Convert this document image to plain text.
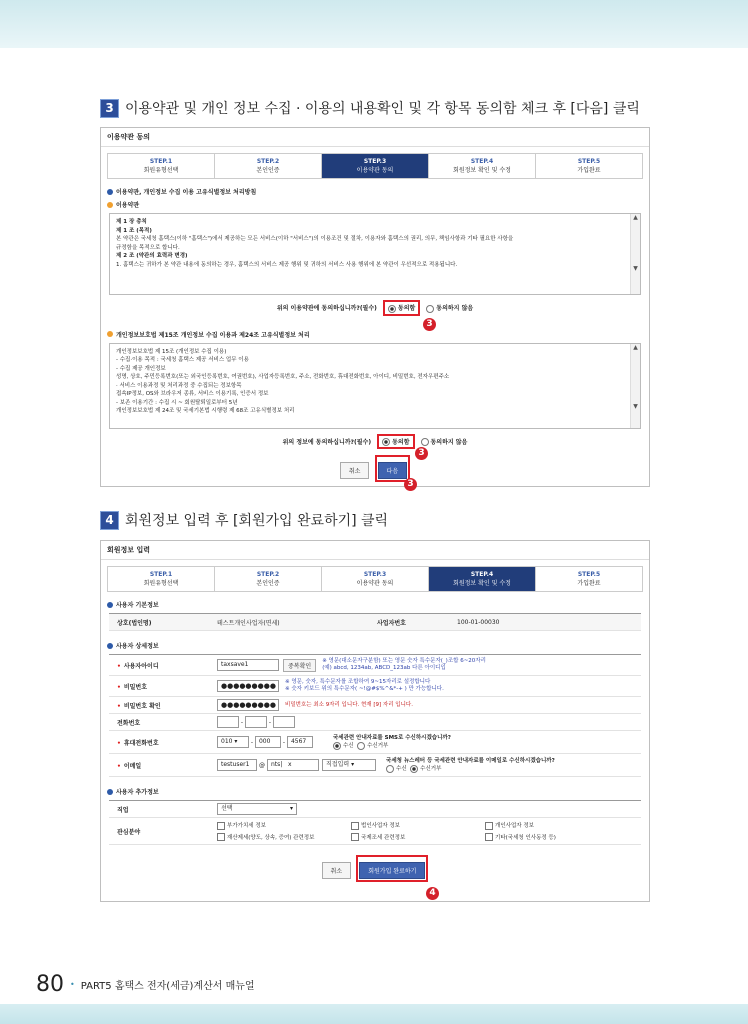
3 이용약관 및 개인 정보 수집 · 이용의 내용확인 및 각 항목 동의함 체크 후 [다음] 클릭
이용약관 동의
STEP.1
회원유형선택
STEP.2
본인인증
STEP.3
이용약관 동의
STEP.4
회원정보 확인 및 수정
STEP.5
가입완료
이용약관, 개인정보 수집 이용 고유식별정보 처리방침
이용약관
제 1 장 총칙
제 1 조 (목적)
본 약관은 국세청 홈택스(이하 "홈택스")에서 제공하는 모든 서비스(이하 "서비스")의 이용조건 및 절차, 이용자와 홈택스의 권리, 의무, 책임사항과 기타 필요한 사항을
규정함을 목적으로 합니다.
제 2 조 (약관의 효력과 변경)
1. 홈택스는 귀하가 본 약관 내용에 동의하는 경우, 홈택스의 서비스 제공 행위 및 귀하의 서비스 사용 행위에 본 약관이 우선적으로 적용됩니다.
▲

▼
위의 이용약관에 동의하십니까?(필수)	동의함	동의하지 않음
개인정보보호법 제15조 개인정보 수집 이용과 제24조 고유식별정보 처리
개인정보보호법 제 15조 (개인정보 수집 이용)
- 수집·이용 목적 : 국세청 홈택스 제공 서비스 업무 이용
- 수집 제공 개인정보
성명, 상호, 주민등록번호(또는 외국인등록번호, 여권번호), 사업자등록번호, 주소, 전화번호, 휴대전화번호, 아이디, 비밀번호, 전자우편주소
· 서비스 이용과정 및 처리과정 중 수집되는 정보항목
접속IP정보, OS와 브라우저 종류, 서비스 이용기록, 인증서 정보
- 보존 이용기간 : 수집 시 ~ 회원탈퇴일로부터 5년
개인정보보호법 제 24조 및 국세기본법 시행령 제 68조 고유식별정보 처리
▲

▼
위의 정보에 동의하십니까?(필수)	동의함	동의하지 않음
취소	다음
3
3
3
4 회원정보 입력 후 [회원가입 완료하기] 클릭
회원정보 입력
STEP.1
회원유형선택
STEP.2
본인인증
STEP.3
이용약관 동의
STEP.4
회원정보 확인 및 수정
STEP.5
가입완료
사용자 기본정보
상호(법인명)	테스트개인사업자(면세)	사업자번호	100-01-00030
사용자 상세정보
• 사용자아이디	taxsave1	중복확인
※ 영문(대소문자구분함) 또는 영문 숫자 특수문자(_)조합 6~20자리
(예) abcd, 1234ab, ABCD_123ab 다른 아이디입
• 비밀번호	●●●●●●●●●	※ 영문, 숫자, 특수문자를 조합하여 9~15자리로 설정합니다
※ 숫자 키보드 위의 특수문자( ~!@#$%^&*-+ ) 만 가능합니다.
• 비밀번호 확인	●●●●●●●●●	비밀번호는 최소 9자리 입니다. 현재 [9] 자리 입니다.
전화번호	-	-
• 휴대전화번호	010 ▾	- 000	- 4567
국세관련 안내자료를 SMS로 수신하시겠습니까?
수신 수신거부
• 이메일	testuser1	@	nts| x	직접입력 ▾
국세청 뉴스레터 등 국세관련 안내자료를 이메일로 수신하시겠습니까?
수신 수신거부
사용자 추가정보
직업	선택	▾
관심분야
부가가치세 정보	법인사업자 정보	개인사업자 정보
재산제세(양도, 상속, 증여) 관련정보	국제조세 관련정보	기타(국세청 인사동정 등)
취소	회원가입 완료하기
4
80 • PART5 홈택스 전자(세금)계산서 매뉴얼
